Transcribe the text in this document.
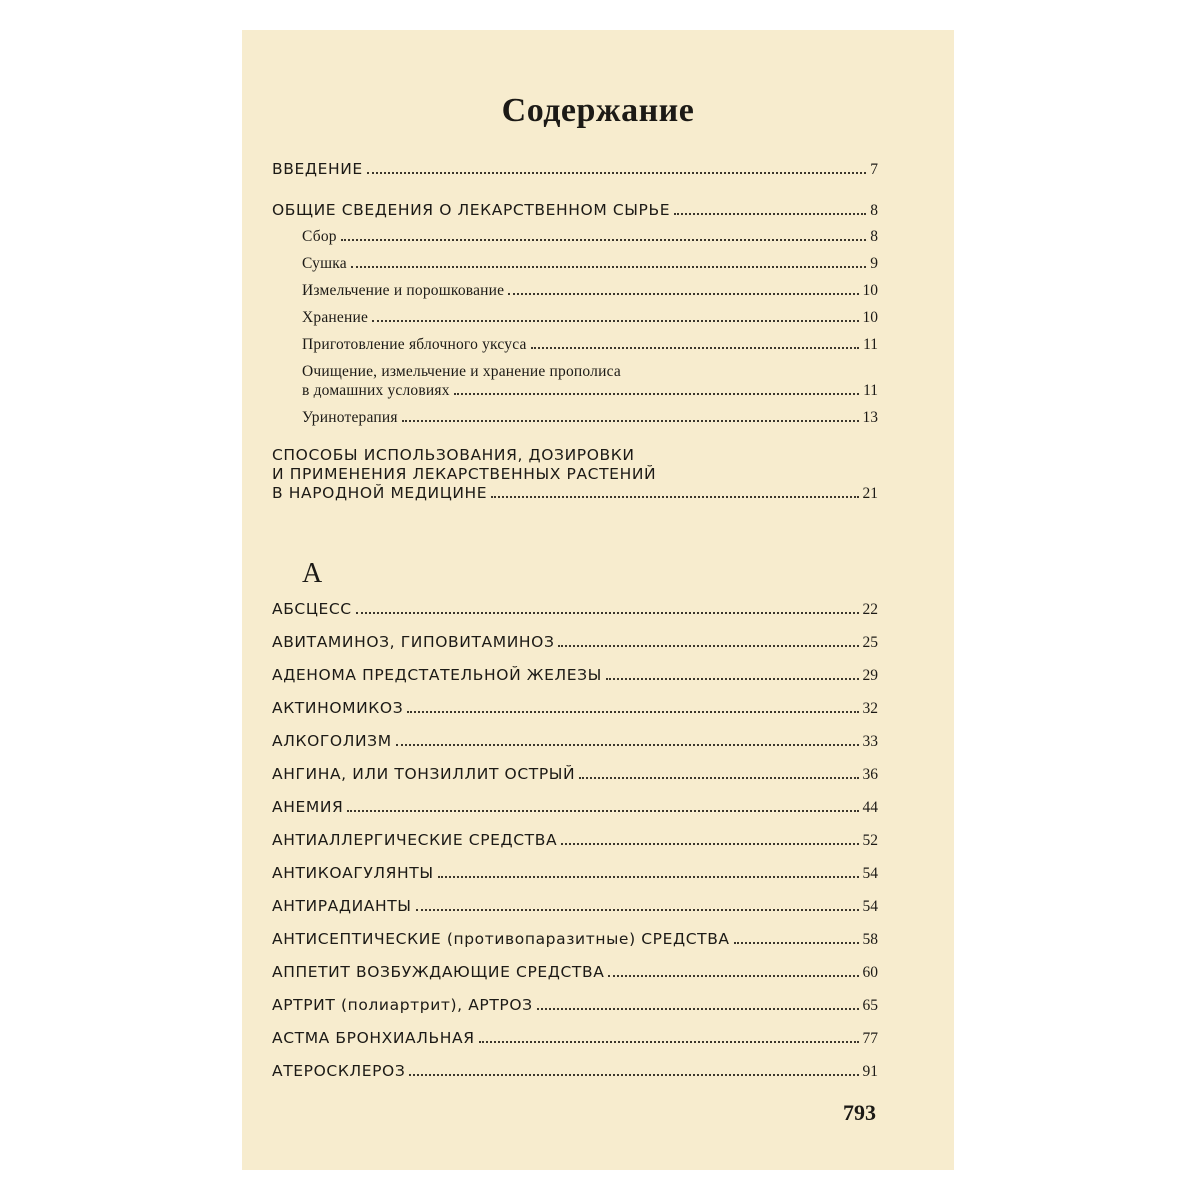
Содержание
ВВЕДЕНИЕ	7
ОБЩИЕ СВЕДЕНИЯ О ЛЕКАРСТВЕННОМ СЫРЬЕ	8
Сбор	8
Сушка	9
Измельчение и порошкование	10
Хранение	10
Приготовление яблочного уксуса	11
Очищение, измельчение и хранение прополиса
в домашних условиях	11
Уринотерапия	13
СПОСОБЫ ИСПОЛЬЗОВАНИЯ, ДОЗИРОВКИ
И ПРИМЕНЕНИЯ ЛЕКАРСТВЕННЫХ РАСТЕНИЙ
В НАРОДНОЙ МЕДИЦИНЕ	21
А
АБСЦЕСС	22
АВИТАМИНОЗ, ГИПОВИТАМИНОЗ	25
АДЕНОМА ПРЕДСТАТЕЛЬНОЙ ЖЕЛЕЗЫ	29
АКТИНОМИКОЗ	32
АЛКОГОЛИЗМ	33
АНГИНА, ИЛИ ТОНЗИЛЛИТ ОСТРЫЙ	36
АНЕМИЯ	44
АНТИАЛЛЕРГИЧЕСКИЕ СРЕДСТВА	52
АНТИКОАГУЛЯНТЫ	54
АНТИРАДИАНТЫ	54
АНТИСЕПТИЧЕСКИЕ (противопаразитные) СРЕДСТВА	58
АППЕТИТ ВОЗБУЖДАЮЩИЕ СРЕДСТВА	60
АРТРИТ (полиартрит), АРТРОЗ	65
АСТМА БРОНХИАЛЬНАЯ	77
АТЕРОСКЛЕРОЗ	91
793
